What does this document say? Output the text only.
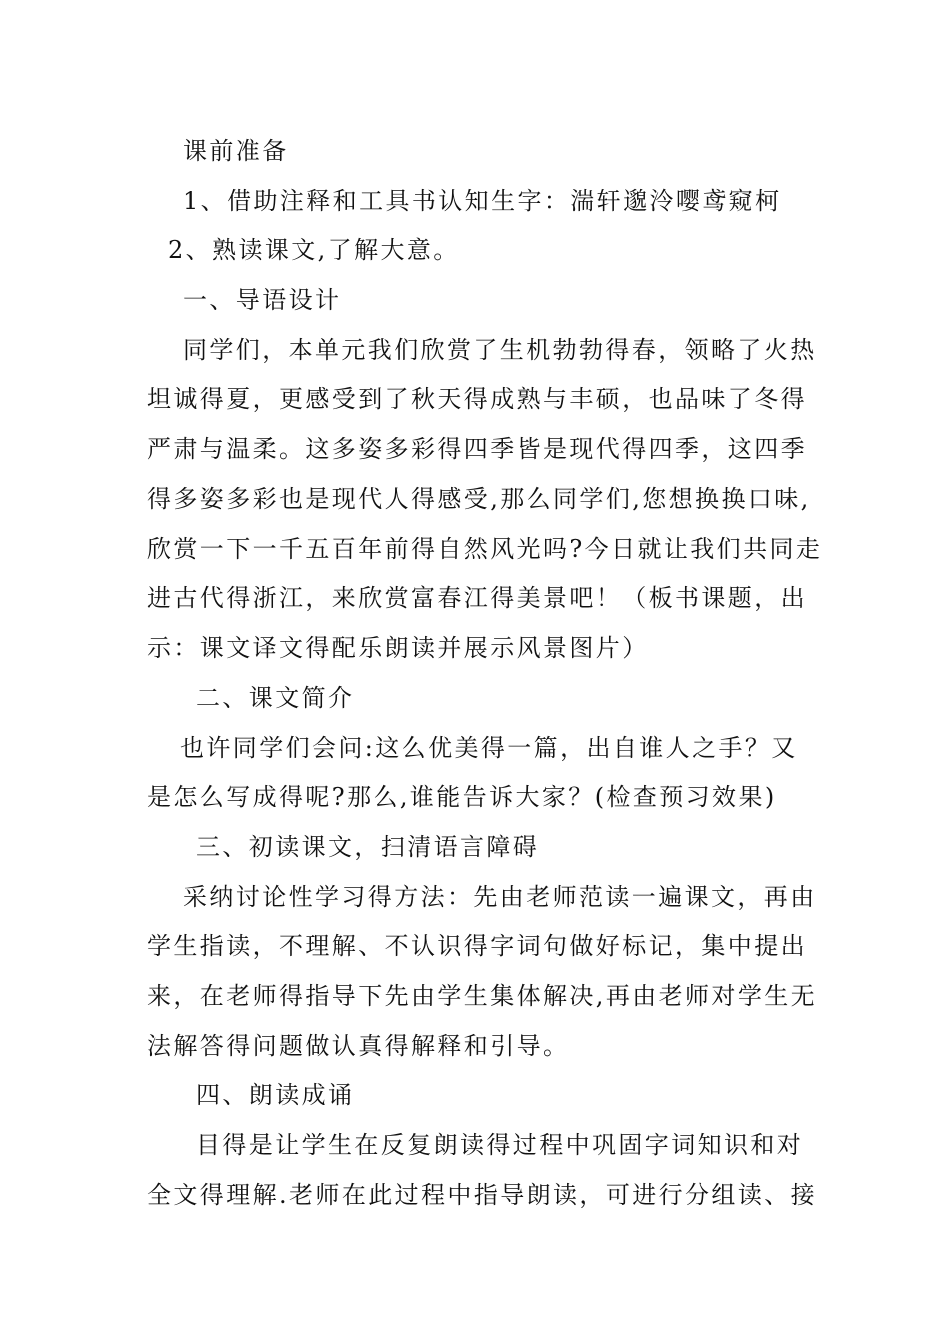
课前准备
1、借助注释和工具书认知生字：湍轩邈泠嘤鸢窥柯
2、熟读课文,了解大意。
一、导语设计
同学们，本单元我们欣赏了生机勃勃得春，领略了火热
坦诚得夏，更感受到了秋天得成熟与丰硕，也品味了冬得
严肃与温柔。这多姿多彩得四季皆是现代得四季，这四季
得多姿多彩也是现代人得感受,那么同学们,您想换换口味,
欣赏一下一千五百年前得自然风光吗?今日就让我们共同走
进古代得浙江，来欣赏富春江得美景吧！（板书课题，出
示：课文译文得配乐朗读并展示风景图片）
二、课文简介
也许同学们会问:这么优美得一篇，出自谁人之手？又
是怎么写成得呢?那么,谁能告诉大家？(检查预习效果)
三、初读课文，扫清语言障碍
采纳讨论性学习得方法：先由老师范读一遍课文，再由
学生指读，不理解、不认识得字词句做好标记，集中提出
来，在老师得指导下先由学生集体解决,再由老师对学生无
法解答得问题做认真得解释和引导。
四、朗读成诵
目得是让学生在反复朗读得过程中巩固字词知识和对
全文得理解.老师在此过程中指导朗读，可进行分组读、接
